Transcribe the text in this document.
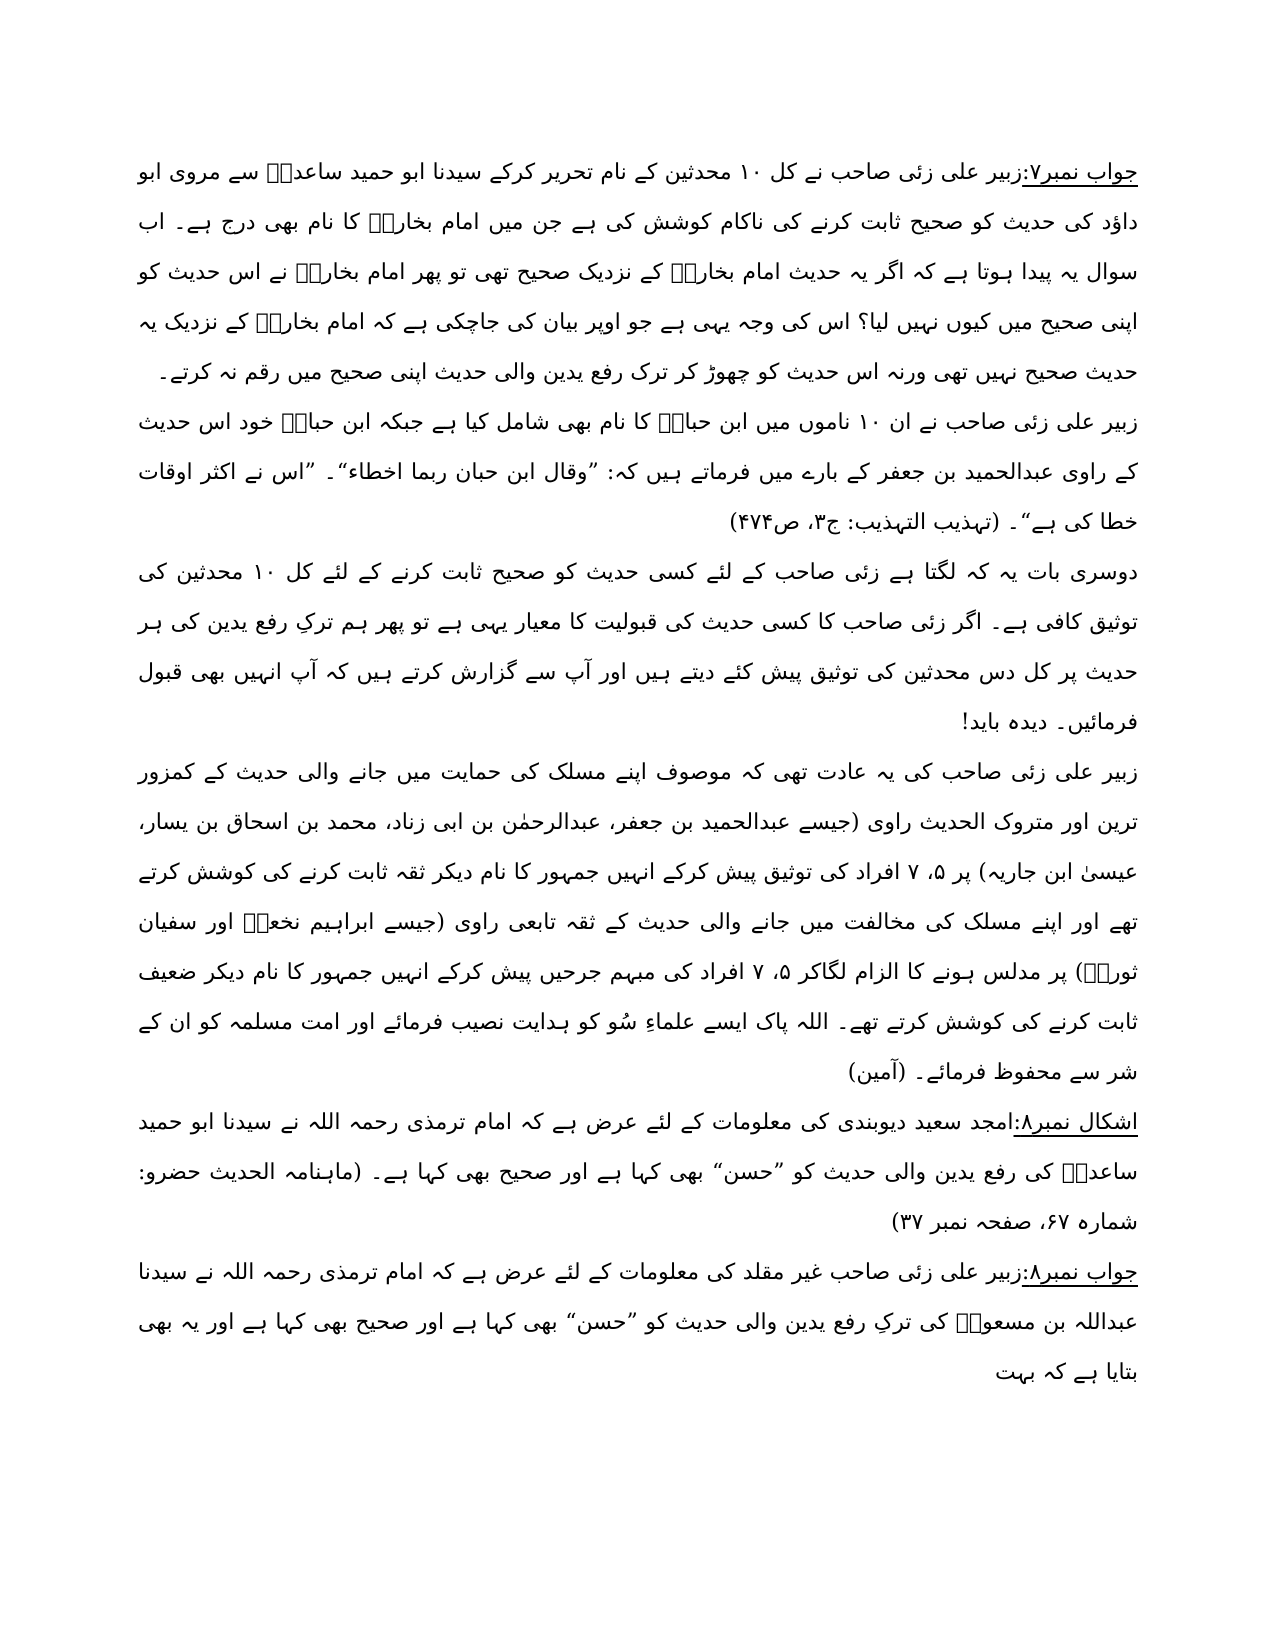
جواب نمبر۷:زبیر علی زئی صاحب نے کل ۱۰ محدثین کے نام تحریر کرکے سیدنا ابو حمید ساعدیؓ سے مروی ابو داؤد کی حدیث کو صحیح ثابت کرنے کی ناکام کوشش کی ہے جن میں امام بخاریؒ کا نام بھی درج ہے۔ اب سوال یہ پیدا ہوتا ہے کہ اگر یہ حدیث امام بخاریؒ کے نزدیک صحیح تھی تو پھر امام بخاریؒ نے اس حدیث کو اپنی صحیح میں کیوں نہیں لیا؟ اس کی وجہ یہی ہے جو اوپر بیان کی جاچکی ہے کہ امام بخاریؒ کے نزدیک یہ حدیث صحیح نہیں تھی ورنہ اس حدیث کو چھوڑ کر ترک رفع یدین والی حدیث اپنی صحیح میں رقم نہ کرتے۔

زبیر علی زئی صاحب نے ان ۱۰ ناموں میں ابن حبانؒ کا نام بھی شامل کیا ہے جبکہ ابن حبانؒ خود اس حدیث کے راوی عبدالحمید بن جعفر کے بارے میں فرماتے ہیں کہ: ”وقال ابن حبان ربما اخطاء“۔ ”اس نے اکثر اوقات خطا کی ہے“۔ (تہذیب التہذیب: ج۳، ص۴۷۴)

دوسری بات یہ کہ لگتا ہے زئی صاحب کے لئے کسی حدیث کو صحیح ثابت کرنے کے لئے کل ۱۰ محدثین کی توثیق کافی ہے۔ اگر زئی صاحب کا کسی حدیث کی قبولیت کا معیار یہی ہے تو پھر ہم ترکِ رفع یدین کی ہر حدیث پر کل دس محدثین کی توثیق پیش کئے دیتے ہیں اور آپ سے گزارش کرتے ہیں کہ آپ انہیں بھی قبول فرمائیں۔ دیدہ باید!

زبیر علی زئی صاحب کی یہ عادت تھی کہ موصوف اپنے مسلک کی حمایت میں جانے والی حدیث کے کمزور ترین اور متروک الحدیث راوی (جیسے عبدالحمید بن جعفر، عبدالرحمٰن بن ابی زناد، محمد بن اسحاق بن یسار، عیسیٰ ابن جاریہ) پر ۵، ۷ افراد کی توثیق پیش کرکے انہیں جمہور کا نام دیکر ثقہ ثابت کرنے کی کوشش کرتے تھے اور اپنے مسلک کی مخالفت میں جانے والی حدیث کے ثقہ تابعی راوی (جیسے ابراہیم نخعیؒ اور سفیان ثوریؒ) پر مدلس ہونے کا الزام لگاکر ۵، ۷ افراد کی مبہم جرحیں پیش کرکے انہیں جمہور کا نام دیکر ضعیف ثابت کرنے کی کوشش کرتے تھے۔ اللہ پاک ایسے علماءِ سُو کو ہدایت نصیب فرمائے اور امت مسلمہ کو ان کے شر سے محفوظ فرمائے۔ (آمین)

اشکال نمبر۸:امجد سعید دیوبندی کی معلومات کے لئے عرض ہے کہ امام ترمذی رحمہ اللہ نے سیدنا ابو حمید ساعدیؓ کی رفع یدین والی حدیث کو ”حسن“ بھی کہا ہے اور صحیح بھی کہا ہے۔ (ماہنامہ الحدیث حضرو: شمارہ ۶۷، صفحہ نمبر ۳۷)

جواب نمبر۸:زبیر علی زئی صاحب غیر مقلد کی معلومات کے لئے عرض ہے کہ امام ترمذی رحمہ اللہ نے سیدنا عبداللہ بن مسعودؓ کی ترکِ رفع یدین والی حدیث کو ”حسن“ بھی کہا ہے اور صحیح بھی کہا ہے اور یہ بھی بتایا ہے کہ بہت
